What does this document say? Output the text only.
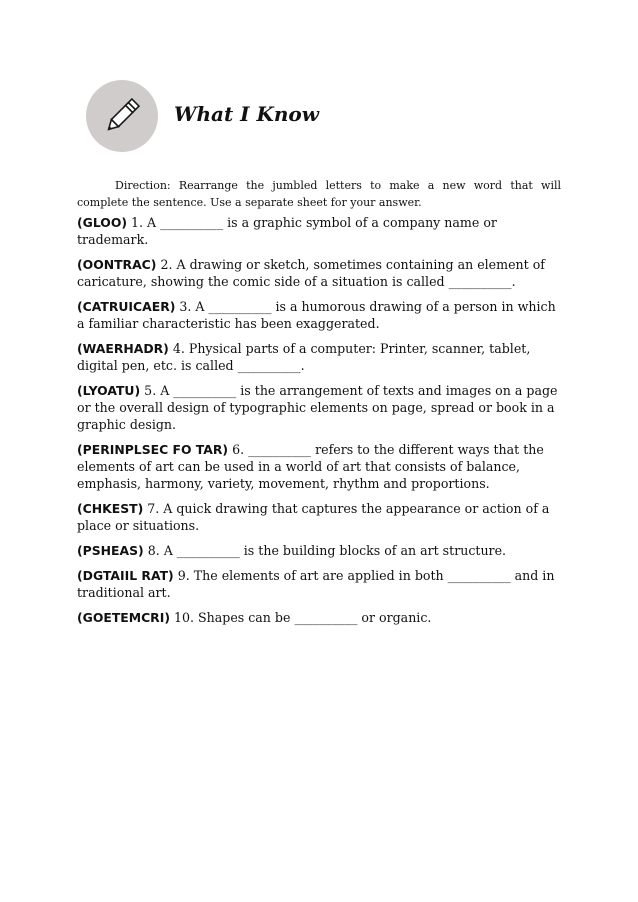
What I Know

Direction: Rearrange the jumbled letters to make a new word that will complete the sentence. Use a separate sheet for your answer.

(GLOO) 1. A __________ is a graphic symbol of a company name or trademark.
(OONTRAC) 2. A drawing or sketch, sometimes containing an element of caricature, showing the comic side of a situation is called __________.
(CATRUICAER) 3. A __________ is a humorous drawing of a person in which a familiar characteristic has been exaggerated.
(WAERHADR) 4. Physical parts of a computer: Printer, scanner, tablet, digital pen, etc. is called __________.
(LYOATU) 5. A __________ is the arrangement of texts and images on a page or the overall design of typographic elements on page, spread or book in a graphic design.
(PERINPLSEC FO TAR) 6. __________ refers to the different ways that the elements of art can be used in a world of art that consists of balance, emphasis, harmony, variety, movement, rhythm and proportions.
(CHKEST) 7. A quick drawing that captures the appearance or action of a place or situations.
(PSHEAS) 8. A __________ is the building blocks of an art structure.
(DGTAIIL RAT) 9. The elements of art are applied in both __________ and in traditional art.
(GOETEMCRI) 10. Shapes can be __________ or organic.
